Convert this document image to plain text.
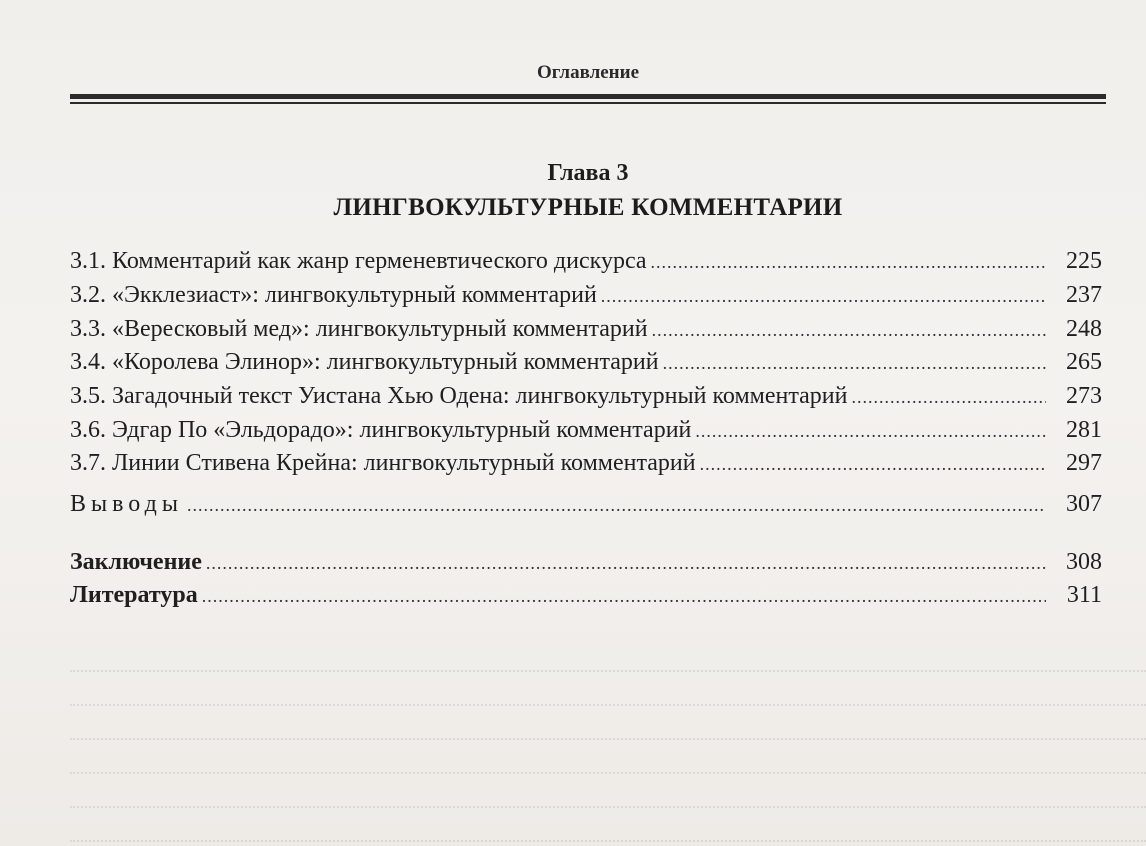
Оглавление
Глава 3
ЛИНГВОКУЛЬТУРНЫЕ КОММЕНТАРИИ
3.1. Комментарий как жанр герменевтического дискурса .....	225
3.2. «Экклезиаст»: лингвокультурный комментарий .....	237
3.3. «Вересковый мед»: лингвокультурный комментарий .....	248
3.4. «Королева Элинор»: лингвокультурный комментарий .....	265
3.5. Загадочный текст Уистана Хью Одена: лингвокультурный комментарий .....	273
3.6. Эдгар По «Эльдорадо»: лингвокультурный комментарий .....	281
3.7. Линии Стивена Крейна: лингвокультурный комментарий .....	297
Выводы .....	307
Заключение .....	308
Литература .....	311
